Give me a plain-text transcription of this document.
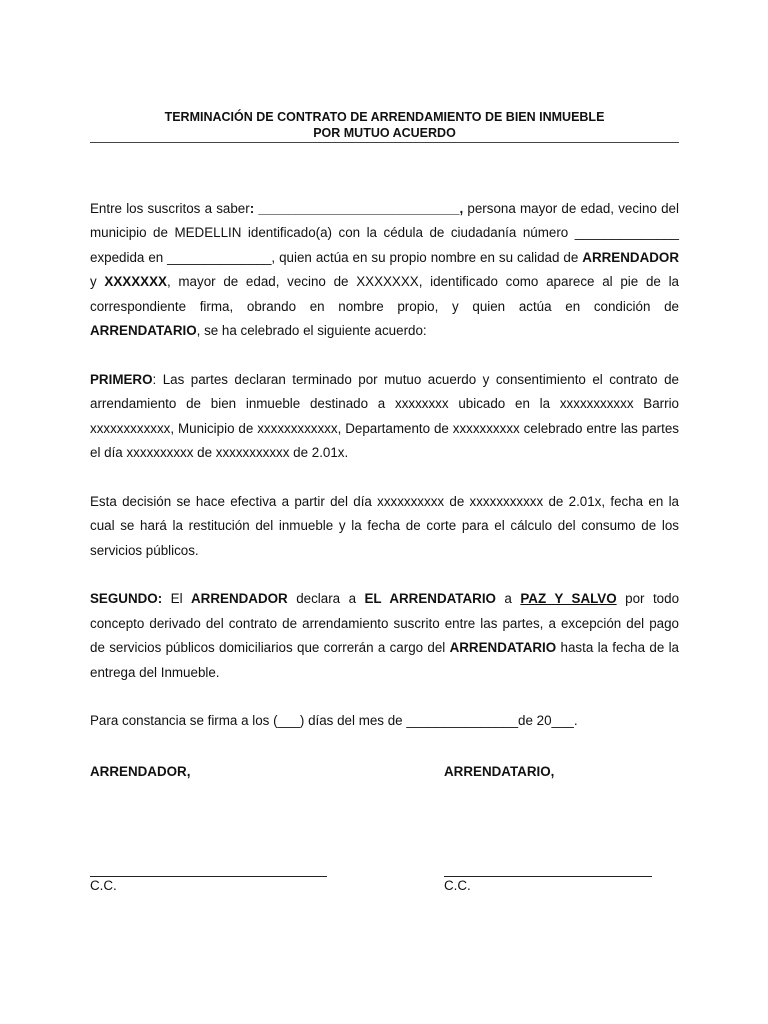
TERMINACIÓN DE CONTRATO DE ARRENDAMIENTO DE BIEN INMUEBLE
POR MUTUO ACUERDO

Entre los suscritos a saber: ___________________________, persona mayor de edad, vecino del municipio de MEDELLIN identificado(a) con la cédula de ciudadanía número ______________ expedida en ______________, quien actúa en su propio nombre en su calidad de ARRENDADOR y XXXXXXX, mayor de edad, vecino de XXXXXXX, identificado como aparece al pie de la correspondiente firma, obrando en nombre propio, y quien actúa en condición de ARRENDATARIO, se ha celebrado el siguiente acuerdo:

PRIMERO: Las partes declaran terminado por mutuo acuerdo y consentimiento el contrato de arrendamiento de bien inmueble destinado a xxxxxxxx ubicado en la xxxxxxxxxxx Barrio xxxxxxxxxxxx, Municipio de xxxxxxxxxxxx, Departamento de xxxxxxxxxx celebrado entre las partes el día xxxxxxxxxx de xxxxxxxxxxx de 2.01x.

Esta decisión se hace efectiva a partir del día xxxxxxxxxx de xxxxxxxxxxx de 2.01x, fecha en la cual se hará la restitución del inmueble y la fecha de corte para el cálculo del consumo de los servicios públicos.

SEGUNDO: El ARRENDADOR declara a EL ARRENDATARIO a PAZ Y SALVO por todo concepto derivado del contrato de arrendamiento suscrito entre las partes, a excepción del pago de servicios públicos domiciliarios que correrán a cargo del ARRENDATARIO hasta la fecha de la entrega del Inmueble.

Para constancia se firma a los (___) días del mes de _______________de 20___.

ARRENDADOR,	ARRENDATARIO,
C.C.	C.C.
